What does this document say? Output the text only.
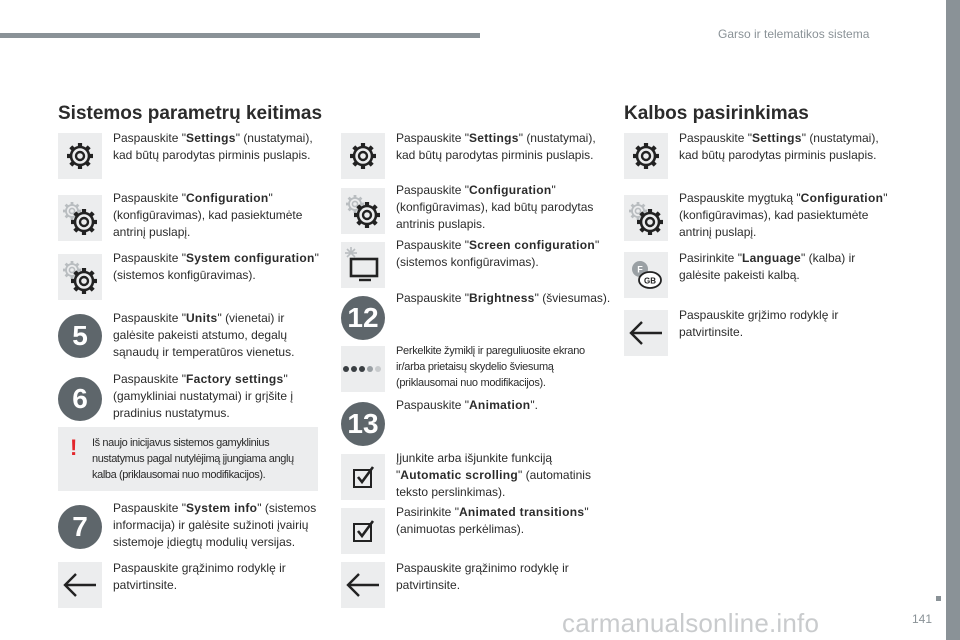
Garso ir telematikos sistema
Sistemos parametrų keitimas	Kalbos pasirinkimas
Paspauskite "Settings" (nustatymai), kad būtų parodytas pirminis puslapis.
Paspauskite "Configuration" (konfigūravimas), kad pasiektumėte antrinį puslapį.
Paspauskite "System configuration" (sistemos konfigūravimas).
5
Paspauskite "Units" (vienetai) ir galėsite pakeisti atstumo, degalų sąnaudų ir temperatūros vienetus.
6
Paspauskite "Factory settings" (gamykliniai nustatymai) ir grįšite į pradinius nustatymus.
! Iš naujo inicijavus sistemos gamyklinius nustatymus pagal nutylėjimą įjungiama anglų kalba (priklausomai nuo modifikacijos).
7
Paspauskite "System info" (sistemos informacija) ir galėsite sužinoti įvairių sistemoje įdiegtų modulių versijas.
Paspauskite grąžinimo rodyklę ir patvirtinsite.
Paspauskite "Settings" (nustatymai), kad būtų parodytas pirminis puslapis.
Paspauskite "Configuration" (konfigūravimas), kad būtų parodytas antrinis puslapis.
Paspauskite "Screen configuration" (sistemos konfigūravimas).
12
Paspauskite "Brightness" (šviesumas).
Perkelkite žymiklį ir pareguliuosite ekrano ir/arba prietaisų skydelio šviesumą (priklausomai nuo modifikacijos).
13
Paspauskite "Animation".
Įjunkite arba išjunkite funkciją "Automatic scrolling" (automatinis teksto perslinkimas).
Pasirinkite "Animated transitions" (animuotas perkėlimas).
Paspauskite grąžinimo rodyklę ir patvirtinsite.
Paspauskite "Settings" (nustatymai), kad būtų parodytas pirminis puslapis.
Paspauskite mygtuką "Configuration" (konfigūravimas), kad pasiektumėte antrinį puslapį.
F
GB
Pasirinkite "Language" (kalba) ir galėsite pakeisti kalbą.
Paspauskite grįžimo rodyklę ir patvirtinsite.
carmanualsonline.info	141
